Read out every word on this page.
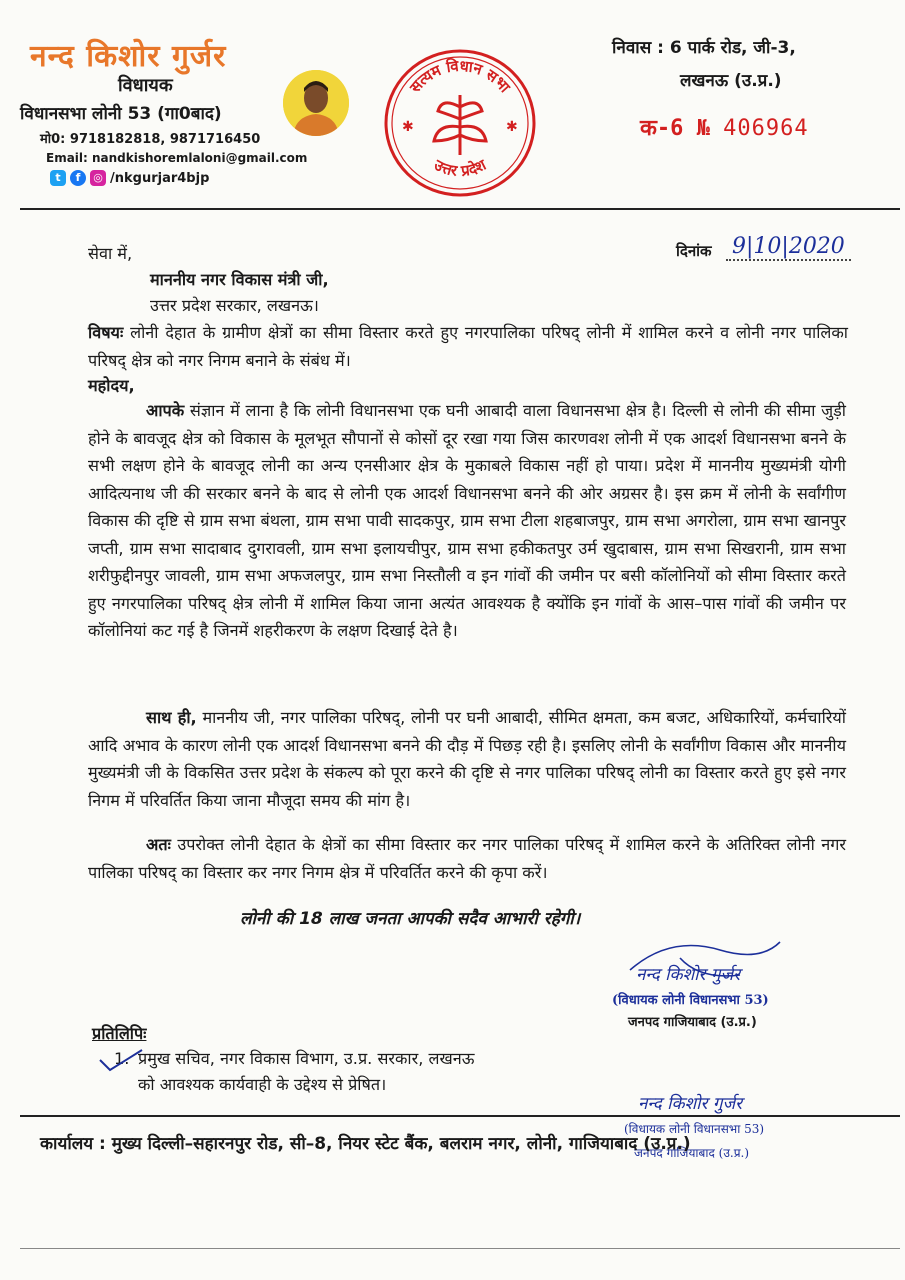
नन्द किशोर गुर्जर
विधायक
विधानसभा लोनी 53 (गा0बाद)
मो0: 9718182818, 9871716450
Email: nandkishoremlaloni@gmail.com
t	f	◎ /nkgurjar4bjp
सत्यम विधान सभा
उत्तर प्रदेश
✱	✱
निवास : 6 पार्क रोड, जी-3,
लखनऊ (उ.प्र.)
क-6 № 406964
सेवा में,	दिनांक 9|10|2020
माननीय नगर विकास मंत्री जी,
उत्तर प्रदेश सरकार, लखनऊ।
विषयः लोनी देहात के ग्रामीण क्षेत्रों का सीमा विस्तार करते हुए नगरपालिका परिषद् लोनी में शामिल करने व लोनी नगर पालिका परिषद् क्षेत्र को नगर निगम बनाने के संबंध में।
महोदय,
आपके संज्ञान में लाना है कि लोनी विधानसभा एक घनी आबादी वाला विधानसभा क्षेत्र है। दिल्ली से लोनी की सीमा जुड़ी होने के बावजूद क्षेत्र को विकास के मूलभूत सौपानों से कोसों दूर रखा गया जिस कारणवश लोनी में एक आदर्श विधानसभा बनने के सभी लक्षण होने के बावजूद लोनी का अन्य एनसीआर क्षेत्र के मुकाबले विकास नहीं हो पाया। प्रदेश में माननीय मुख्यमंत्री योगी आदित्यनाथ जी की सरकार बनने के बाद से लोनी एक आदर्श विधानसभा बनने की ओर अग्रसर है। इस क्रम में लोनी के सर्वांगीण विकास की दृष्टि से ग्राम सभा बंथला, ग्राम सभा पावी सादकपुर, ग्राम सभा टीला शहबाजपुर, ग्राम सभा अगरोला, ग्राम सभा खानपुर जप्ती, ग्राम सभा सादाबाद दुगरावली, ग्राम सभा इलायचीपुर, ग्राम सभा हकीकतपुर उर्म खुदाबास, ग्राम सभा सिखरानी, ग्राम सभा शरीफुद्दीनपुर जावली, ग्राम सभा अफजलपुर, ग्राम सभा निस्तौली व इन गांवों की जमीन पर बसी कॉलोनियों को सीमा विस्तार करते हुए नगरपालिका परिषद् क्षेत्र लोनी में शामिल किया जाना अत्यंत आवश्यक है क्योंकि इन गांवों के आस–पास गांवों की जमीन पर कॉलोनियां कट गई है जिनमें शहरीकरण के लक्षण दिखाई देते है।
साथ ही, माननीय जी, नगर पालिका परिषद्, लोनी पर घनी आबादी, सीमित क्षमता, कम बजट, अधिकारियों, कर्मचारियों आदि अभाव के कारण लोनी एक आदर्श विधानसभा बनने की दौड़ में पिछड़ रही है। इसलिए लोनी के सर्वांगीण विकास और माननीय मुख्यमंत्री जी के विकसित उत्तर प्रदेश के संकल्प को पूरा करने की दृष्टि से नगर पालिका परिषद् लोनी का विस्तार करते हुए इसे नगर निगम में परिवर्तित किया जाना मौजूदा समय की मांग है।
अतः उपरोक्त लोनी देहात के क्षेत्रों का सीमा विस्तार कर नगर पालिका परिषद् में शामिल करने के अतिरिक्त लोनी नगर पालिका परिषद् का विस्तार कर नगर निगम क्षेत्र में परिवर्तित करने की कृपा करें।
लोनी की 18 लाख जनता आपकी सदैव आभारी रहेगी।
नन्द किशोर गुर्जर
(विधायक लोनी विधानसभा 53)
जनपद गाजियाबाद (उ.प्र.)
प्रतिलिपिः
1. प्रमुख सचिव, नगर विकास विभाग, उ.प्र. सरकार, लखनऊ
को आवश्यक कार्यवाही के उद्देश्य से प्रेषित।
नन्द किशोर गुर्जर
(विधायक लोनी विधानसभा 53)
जनपद गाजियाबाद (उ.प्र.)
कार्यालय : मुख्य दिल्ली–सहारनपुर रोड, सी–8, नियर स्टेट बैंक, बलराम नगर, लोनी, गाजियाबाद (उ.प्र.)
